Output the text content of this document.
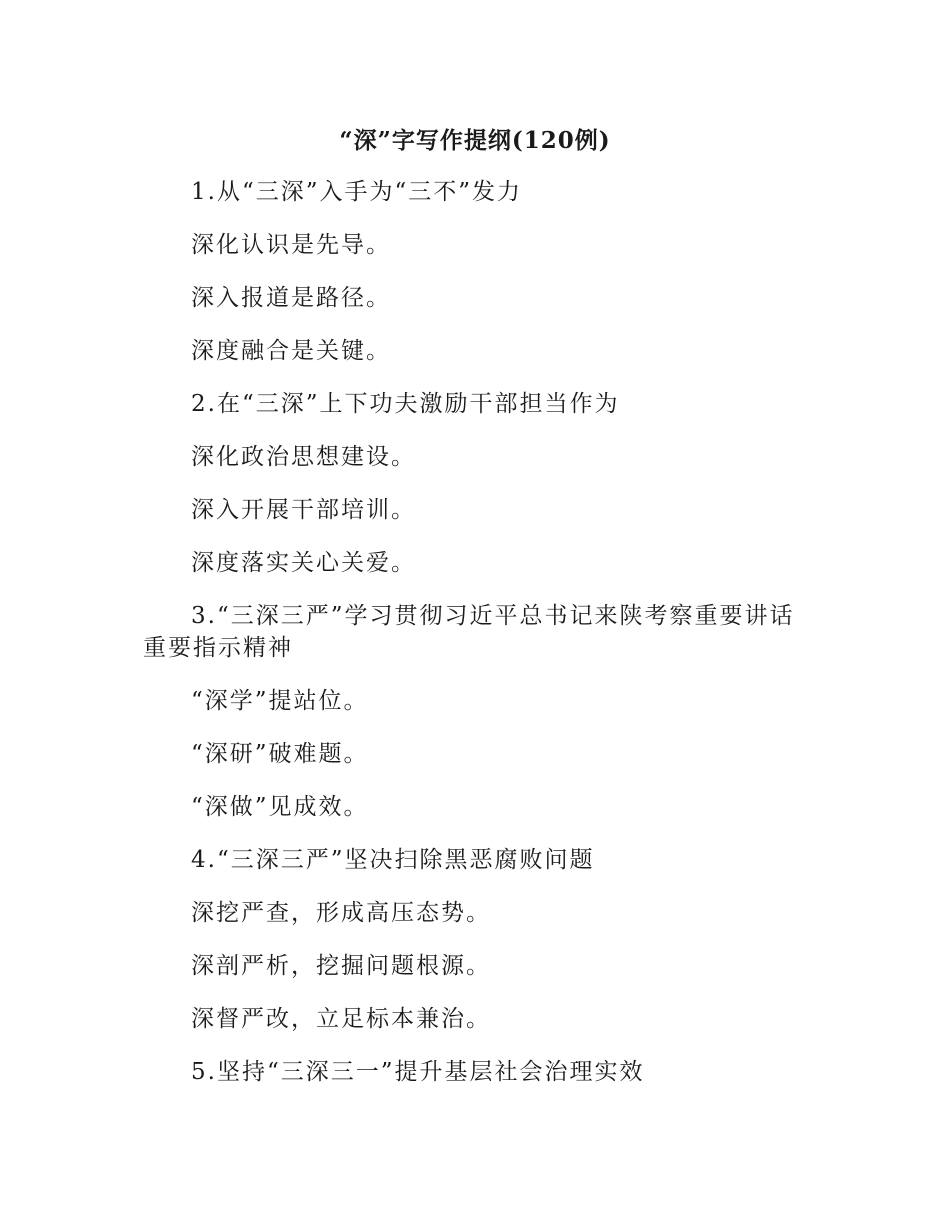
“深”字写作提纲(120例)

1.从“三深”入手为“三不”发力

深化认识是先导。

深入报道是路径。

深度融合是关键。

2.在“三深”上下功夫激励干部担当作为

深化政治思想建设。

深入开展干部培训。

深度落实关心关爱。

3.“三深三严”学习贯彻习近平总书记来陕考察重要讲话重要指示精神

“深学”提站位。

“深研”破难题。

“深做”见成效。

4.“三深三严”坚决扫除黑恶腐败问题

深挖严查，形成高压态势。

深剖严析，挖掘问题根源。

深督严改，立足标本兼治。

5.坚持“三深三一”提升基层社会治理实效
